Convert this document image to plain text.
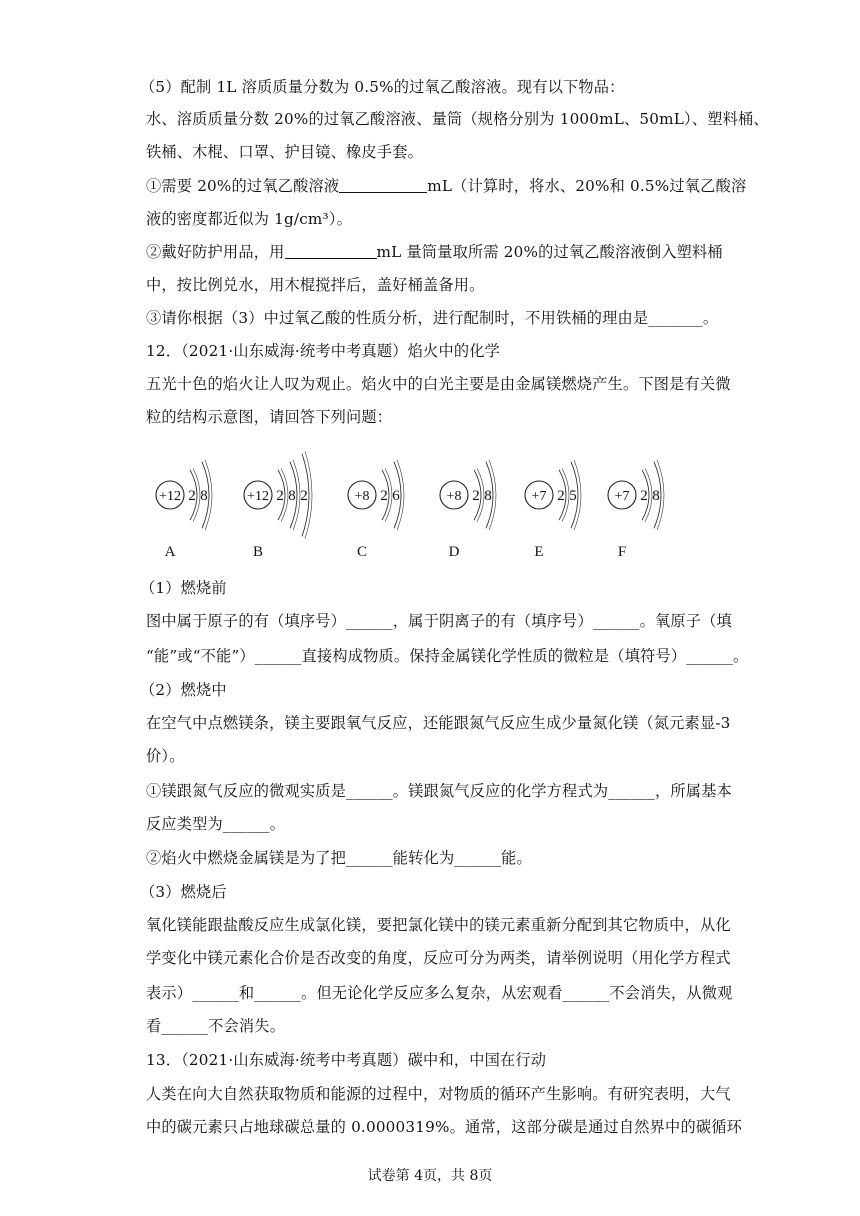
（5）配制 1L 溶质质量分数为 0.5%的过氧乙酸溶液。现有以下物品：
水、溶质质量分数 20%的过氧乙酸溶液、量筒（规格分别为 1000mL、50mL）、塑料桶、
铁桶、木棍、口罩、护目镜、橡皮手套。
①需要 20%的过氧乙酸溶液	mL（计算时，将水、20%和 0.5%过氧乙酸溶
液的密度都近似为 1g/cm³）。
②戴好防护用品，用	mL 量筒量取所需 20%的过氧乙酸溶液倒入塑料桶
中，按比例兑水，用木棍搅拌后，盖好桶盖备用。
③请你根据（3）中过氧乙酸的性质分析，进行配制时，不用铁桶的理由是_______。
12．（2021·山东威海·统考中考真题）焰火中的化学
五光十色的焰火让人叹为观止。焰火中的白光主要是由金属镁燃烧产生。下图是有关微
粒的结构示意图，请回答下列问题：
+12 2 8
A
+12 2 8 2
B
+8 2 6
C
+8 2 8
D
+7 2 5
E
+7 2 8
F
（1）燃烧前
图中属于原子的有（填序号）______，属于阴离子的有（填序号）______。氧原子（填
“能”或“不能”）______直接构成物质。保持金属镁化学性质的微粒是（填符号）______。
（2）燃烧中
在空气中点燃镁条，镁主要跟氧气反应，还能跟氮气反应生成少量氮化镁（氮元素显-3
价）。
①镁跟氮气反应的微观实质是______。镁跟氮气反应的化学方程式为______，所属基本
反应类型为______。
②焰火中燃烧金属镁是为了把______能转化为______能。
（3）燃烧后
氧化镁能跟盐酸反应生成氯化镁，要把氯化镁中的镁元素重新分配到其它物质中，从化
学变化中镁元素化合价是否改变的角度，反应可分为两类，请举例说明（用化学方程式
表示）______和______。但无论化学反应多么复杂，从宏观看______不会消失，从微观
看______不会消失。
13．（2021·山东威海·统考中考真题）碳中和，中国在行动
人类在向大自然获取物质和能源的过程中，对物质的循环产生影响。有研究表明，大气
中的碳元素只占地球碳总量的 0.0000319%。通常，这部分碳是通过自然界中的碳循环
试卷第 4页，共 8页
